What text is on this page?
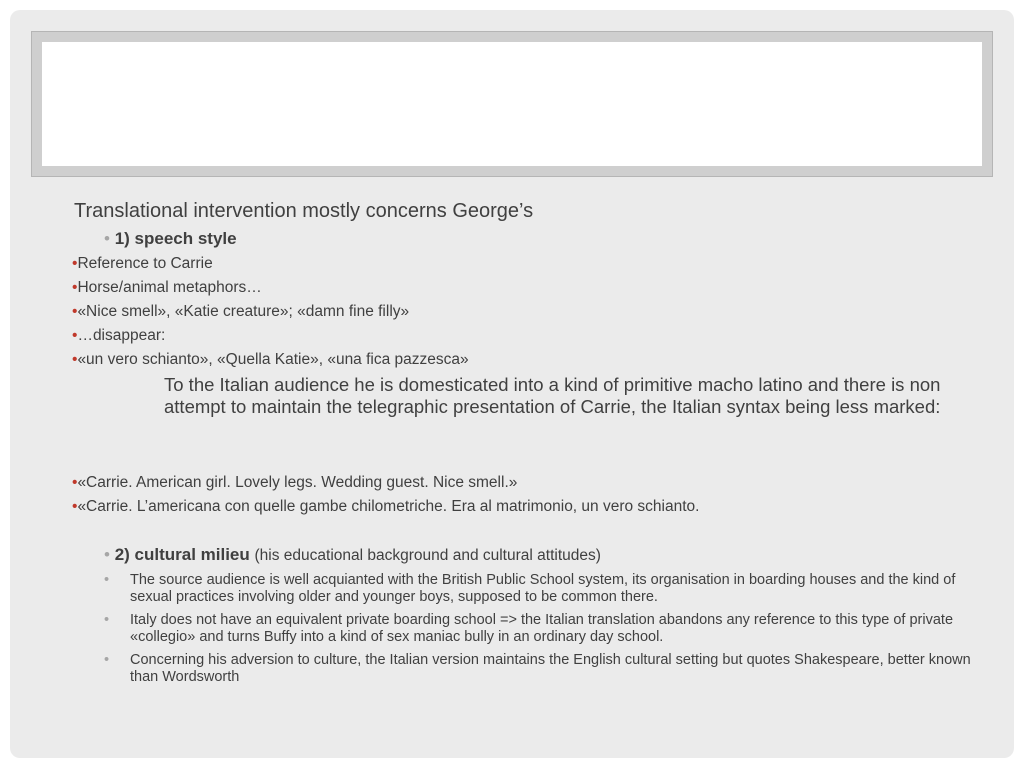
Translational intervention mostly concerns George’s
• 1) speech style
•Reference to Carrie
•Horse/animal metaphors…
•«Nice smell», «Katie creature»; «damn fine filly»
•…disappear:
•«un vero schianto», «Quella Katie», «una fica pazzesca»
To the Italian audience he is domesticated into a kind of primitive macho latino and there is non attempt to maintain the telegraphic presentation of Carrie, the Italian syntax being less marked:
•«Carrie. American girl. Lovely legs. Wedding guest. Nice smell.»
•«Carrie. L’americana con quelle gambe chilometriche. Era al matrimonio, un vero schianto.
• 2) cultural milieu (his educational background and cultural attitudes)
• The source audience is well acquianted with the British Public School system, its organisation in boarding houses and the kind of sexual practices involving older and younger boys, supposed to be common there.
• Italy does not have an equivalent private boarding school => the Italian translation abandons any reference to this type of private «collegio» and turns Buffy into a kind of sex maniac bully in an ordinary day school.
• Concerning his adversion to culture, the Italian version maintains the English cultural setting but quotes Shakespeare, better known than Wordsworth
